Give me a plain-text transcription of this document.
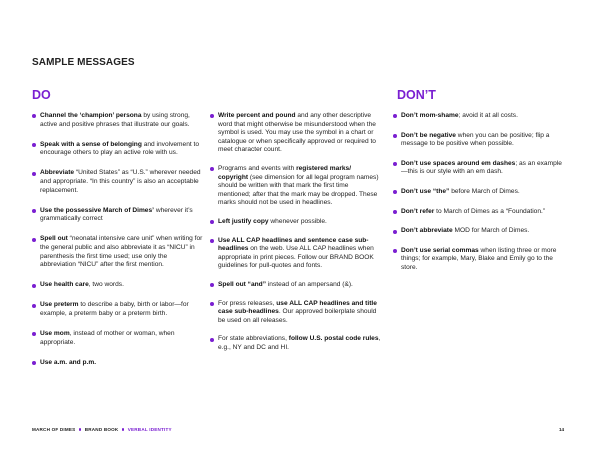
SAMPLE MESSAGES
DO	DON’T
Channel the ‘champion’ persona by using strong, active and positive phrases that illustrate our goals.
Speak with a sense of belonging and involvement to encourage others to play an active role with us.
Abbreviate “United States” as “U.S.” wherever needed and appropriate. “In this country” is also an acceptable replacement.
Use the possessive March of Dimes’ wherever it’s grammatically correct
Spell out “neonatal intensive care unit” when writing for the general public and also abbreviate it as “NICU” in parenthesis the first time used; use only the abbreviation “NICU” after the first mention.
Use health care, two words.
Use preterm to describe a baby, birth or labor—for example, a preterm baby or a preterm birth.
Use mom, instead of mother or woman, when appropriate.
Use a.m. and p.m.
Write percent and pound and any other descriptive word that might otherwise be misunderstood when the symbol is used. You may use the symbol in a chart or catalogue or when specifically approved or required to meet character count.
Programs and events with registered marks/ copyright (see dimension for all legal program names) should be written with that mark the first time mentioned; after that the mark may be dropped. These marks should not be used in headlines.
Left justify copy whenever possible.
Use ALL CAP headlines and sentence case sub-headlines on the web. Use ALL CAP headlines when appropriate in print pieces. Follow our BRAND BOOK guidelines for pull-quotes and fonts.
Spell out “and” instead of an ampersand (&).
For press releases, use ALL CAP headlines and title case sub-headlines. Our approved boilerplate should be used on all releases.
For state abbreviations, follow U.S. postal code rules, e.g., NY and DC and HI.
Don’t mom-shame; avoid it at all costs.
Don’t be negative when you can be positive; flip a message to be positive when possible.
Don’t use spaces around em dashes; as an example—this is our style with an em dash.
Don’t use “the” before March of Dimes.
Don’t refer to March of Dimes as a “Foundation.”
Don’t abbreviate MOD for March of Dimes.
Don’t use serial commas when listing three or more things; for example, Mary, Blake and Emily go to the store.
MARCH OF DIMES BRAND BOOK VERBAL IDENTITY	14
